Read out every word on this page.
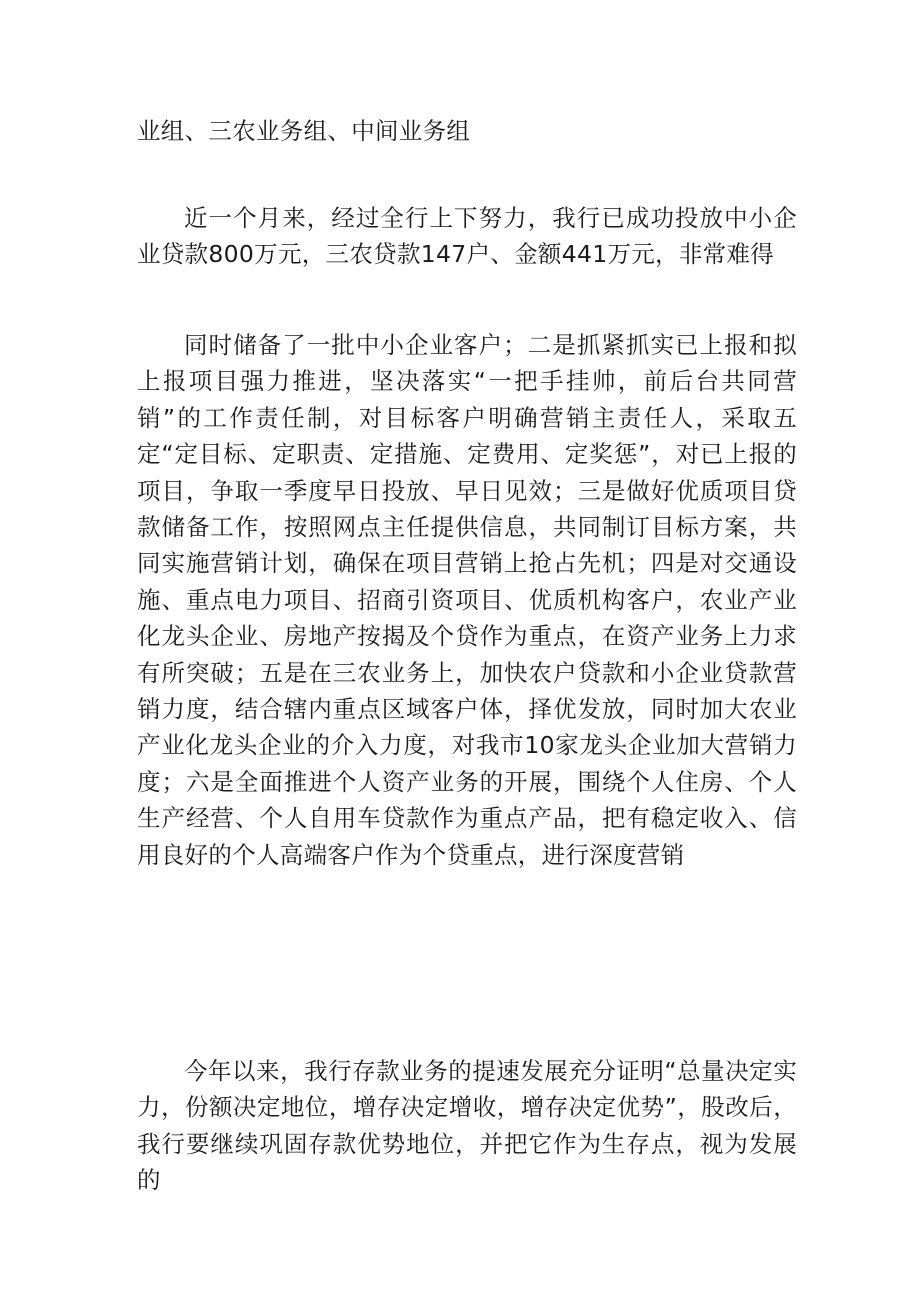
业组、三农业务组、中间业务组

近一个月来，经过全行上下努力，我行已成功投放中小企业贷款800万元，三农贷款147户、金额441万元，非常难得

同时储备了一批中小企业客户；二是抓紧抓实已上报和拟上报项目强力推进，坚决落实“一把手挂帅，前后台共同营销”的工作责任制，对目标客户明确营销主责任人，采取五定“定目标、定职责、定措施、定费用、定奖惩”，对已上报的项目，争取一季度早日投放、早日见效；三是做好优质项目贷款储备工作，按照网点主任提供信息，共同制订目标方案，共同实施营销计划，确保在项目营销上抢占先机；四是对交通设施、重点电力项目、招商引资项目、优质机构客户，农业产业化龙头企业、房地产按揭及个贷作为重点，在资产业务上力求有所突破；五是在三农业务上，加快农户贷款和小企业贷款营销力度，结合辖内重点区域客户体，择优发放，同时加大农业产业化龙头企业的介入力度，对我市10家龙头企业加大营销力度；六是全面推进个人资产业务的开展，围绕个人住房、个人生产经营、个人自用车贷款作为重点产品，把有稳定收入、信用良好的个人高端客户作为个贷重点，进行深度营销

今年以来，我行存款业务的提速发展充分证明“总量决定实力，份额决定地位，增存决定增收，增存决定优势”，股改后，我行要继续巩固存款优势地位，并把它作为生存点，视为发展的
